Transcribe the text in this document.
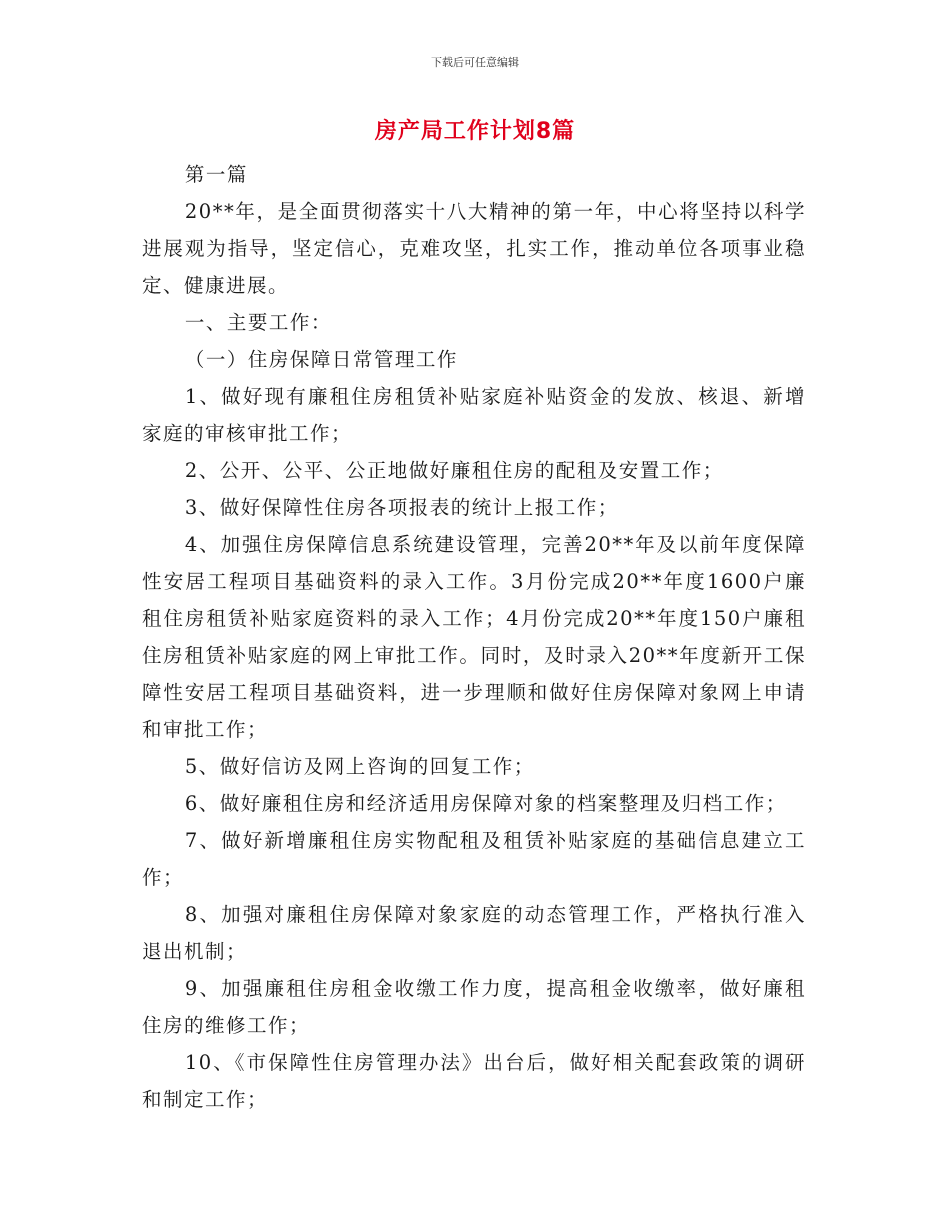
下载后可任意编辑
房产局工作计划8篇

第一篇

20**年，是全面贯彻落实十八大精神的第一年，中心将坚持以科学进展观为指导，坚定信心，克难攻坚，扎实工作，推动单位各项事业稳定、健康进展。

一、主要工作：

（一）住房保障日常管理工作

1、做好现有廉租住房租赁补贴家庭补贴资金的发放、核退、新增家庭的审核审批工作；

2、公开、公平、公正地做好廉租住房的配租及安置工作；

3、做好保障性住房各项报表的统计上报工作；

4、加强住房保障信息系统建设管理，完善20**年及以前年度保障性安居工程项目基础资料的录入工作。3月份完成20**年度1600户廉租住房租赁补贴家庭资料的录入工作；4月份完成20**年度150户廉租住房租赁补贴家庭的网上审批工作。同时，及时录入20**年度新开工保障性安居工程项目基础资料，进一步理顺和做好住房保障对象网上申请和审批工作；

5、做好信访及网上咨询的回复工作；

6、做好廉租住房和经济适用房保障对象的档案整理及归档工作；

7、做好新增廉租住房实物配租及租赁补贴家庭的基础信息建立工作；

8、加强对廉租住房保障对象家庭的动态管理工作，严格执行准入退出机制；

9、加强廉租住房租金收缴工作力度，提高租金收缴率，做好廉租住房的维修工作；

10、《市保障性住房管理办法》出台后，做好相关配套政策的调研和制定工作；
